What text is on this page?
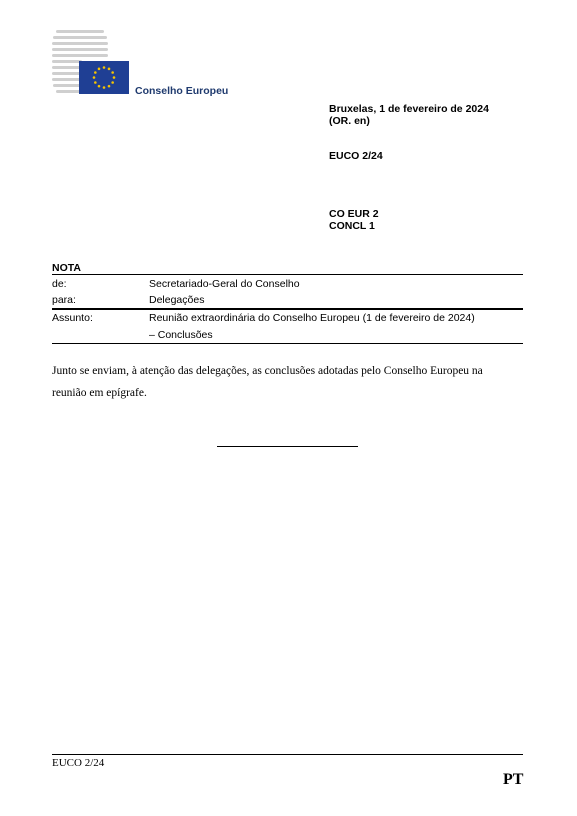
Conselho Europeu
Bruxelas, 1 de fevereiro de 2024
(OR. en)
EUCO 2/24
CO EUR 2
CONCL 1
NOTA
de:	Secretariado-Geral do Conselho
para:	Delegações
Assunto:	Reunião extraordinária do Conselho Europeu (1 de fevereiro de 2024)
– Conclusões
Junto se enviam, à atenção das delegações, as conclusões adotadas pelo Conselho Europeu na reunião em epígrafe.
EUCO 2/24
PT
